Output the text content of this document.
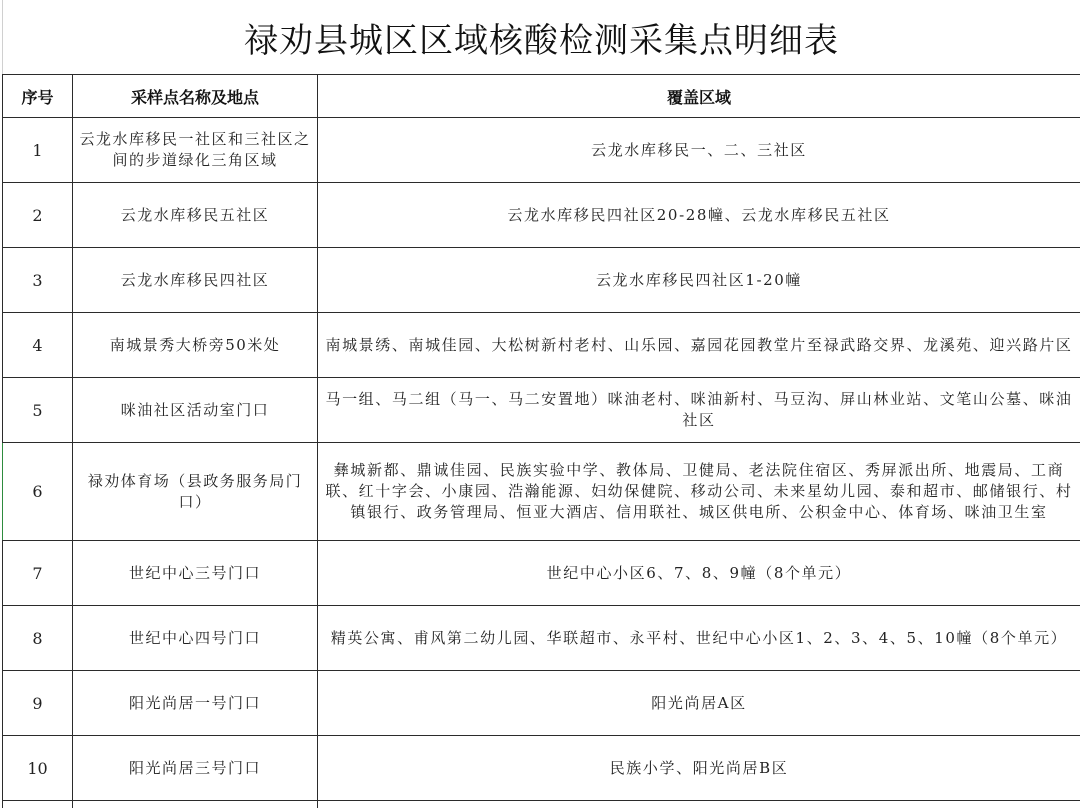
禄劝县城区区域核酸检测采集点明细表
序号	采样点名称及地点	覆盖区域
1	云龙水库移民一社区和三社区之间的步道绿化三角区域	云龙水库移民一、二、三社区
2	云龙水库移民五社区	云龙水库移民四社区20-28幢、云龙水库移民五社区
3	云龙水库移民四社区	云龙水库移民四社区1-20幢
4	南城景秀大桥旁50米处	南城景绣、南城佳园、大松树新村老村、山乐园、嘉园花园教堂片至禄武路交界、龙溪苑、迎兴路片区
5	咪油社区活动室门口	马一组、马二组（马一、马二安置地）咪油老村、咪油新村、马豆沟、屏山林业站、文笔山公墓、咪油社区
6	禄劝体育场（县政务服务局门口）	彝城新都、鼎诚佳园、民族实验中学、教体局、卫健局、老法院住宿区、秀屏派出所、地震局、工商联、红十字会、小康园、浩瀚能源、妇幼保健院、移动公司、未来星幼儿园、泰和超市、邮储银行、村镇银行、政务管理局、恒亚大酒店、信用联社、城区供电所、公积金中心、体育场、咪油卫生室
7	世纪中心三号门口	世纪中心小区6、7、8、9幢（8个单元）
8	世纪中心四号门口	精英公寓、甫风第二幼儿园、华联超市、永平村、世纪中心小区1、2、3、4、5、10幢（8个单元）
9	阳光尚居一号门口	阳光尚居A区
10	阳光尚居三号门口	民族小学、阳光尚居B区
